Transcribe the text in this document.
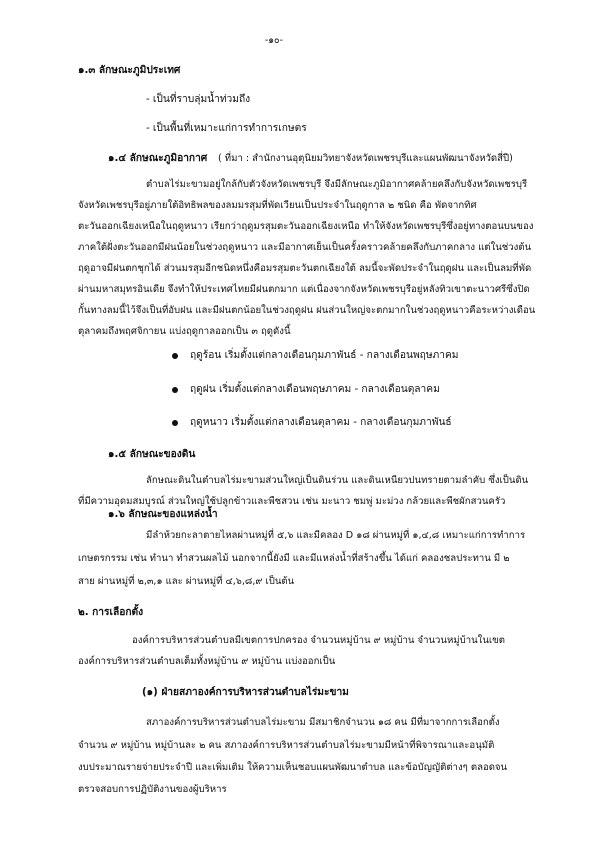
-๑๐-
๑.๓ ลักษณะภูมิประเทศ
- เป็นที่ราบลุ่มน้ำท่วมถึง
- เป็นพื้นที่เหมาะแก่การทำการเกษตร
๑.๔ ลักษณะภูมิอากาศ ( ที่มา : สำนักงานอุตุนิยมวิทยาจังหวัดเพชรบุรีและแผนพัฒนาจังหวัดสี่ปี)
ตำบลไร่มะขามอยู่ใกล้กับตัวจังหวัดเพชรบุรี จึงมีลักษณะภูมิอากาศคล้ายคลึงกับจังหวัดเพชรบุรี
จังหวัดเพชรบุรีอยู่ภายใต้อิทธิพลของลมมรสุมที่พัดเวียนเป็นประจำในฤดูกาล ๒ ชนิด คือ พัดจากทิศ
ตะวันออกเฉียงเหนือในฤดูหนาว เรียกว่าฤดูมรสุมตะวันออกเฉียงเหนือ ทำให้จังหวัดเพชรบุรีซึ่งอยู่ทางตอนบนของ
ภาคใต้ฝั่งตะวันออกมีฝนน้อยในช่วงฤดูหนาว และมีอากาศเย็นเป็นครั้งคราวคล้ายคลึงกับภาคกลาง แต่ในช่วงต้น
ฤดูอาจมีฝนตกชุกได้ ส่วนมรสุมอีกชนิดหนึ่งคือมรสุมตะวันตกเฉียงใต้ ลมนี้จะพัดประจำในฤดูฝน และเป็นลมที่พัด
ผ่านมหาสมุทรอินเดีย จึงทำให้ประเทศไทยมีฝนตกมาก แต่เนื่องจากจังหวัดเพชรบุรีอยู่หลังทิวเขาตะนาวศรีซึ่งปิด
กั้นทางลมนี้ไว้จึงเป็นที่อับฝน และมีฝนตกน้อยในช่วงฤดูฝน ฝนส่วนใหญ่จะตกมากในช่วงฤดูหนาวคือระหว่างเดือน
ตุลาคมถึงพฤศจิกายน แบ่งฤดูกาลออกเป็น ๓ ฤดูดังนี้
ฤดูร้อน เริ่มตั้งแต่กลางเดือนกุมภาพันธ์ - กลางเดือนพฤษภาคม
ฤดูฝน เริ่มตั้งแต่กลางเดือนพฤษภาคม - กลางเดือนตุลาคม
ฤดูหนาว เริ่มตั้งแต่กลางเดือนตุลาคม - กลางเดือนกุมภาพันธ์
๑.๕ ลักษณะของดิน
ลักษณะดินในตำบลไร่มะขามส่วนใหญ่เป็นดินร่วน และดินเหนียวปนทรายตามลำคับ ซึ่งเป็นดิน
ที่มีความอุดมสมบูรณ์ ส่วนใหญ่ใช้ปลูกข้าวและพืชสวน เช่น มะนาว ชมพู่ มะม่วง กล้วยและพืชผักสวนครัว
๑.๖ ลักษณะของแหล่งน้ำ
มีลำห้วยกะลาตายไหลผ่านหมู่ที่ ๕,๖ และมีคลอง D ๑๘ ผ่านหมู่ที่ ๑,๔,๘ เหมาะแก่การทำการ
เกษตรกรรม เช่น ทำนา ทำสวนผลไม้ นอกจากนี้ยังมี และมีแหล่งน้ำที่สร้างขึ้น ได้แก่ คลองชลประทาน มี ๒
สาย ผ่านหมู่ที่ ๒,๓,๑ และ ผ่านหมู่ที่ ๔,๖,๘,๙ เป็นต้น
๒. การเลือกตั้ง
องค์การบริหารส่วนตำบลมีเขตการปกครอง จำนวนหมู่บ้าน ๙ หมู่บ้าน จำนวนหมู่บ้านในเขต
องค์การบริหารส่วนตำบลเต็มทั้งหมู่บ้าน ๙ หมู่บ้าน แบ่งออกเป็น
(๑) ฝ่ายสภาองค์การบริหารส่วนตำบลไร่มะขาม
สภาองค์การบริหารส่วนตำบลไร่มะขาม มีสมาชิกจำนวน ๑๘ คน มีที่มาจากการเลือกตั้ง
จำนวน ๙ หมู่บ้าน หมู่บ้านละ ๒ คน สภาองค์การบริหารส่วนตำบลไร่มะขามมีหน้าที่พิจารณาและอนุมัติ
งบประมาณรายจ่ายประจำปี และเพิ่มเติม ให้ความเห็นชอบแผนพัฒนาตำบล และข้อบัญญัติต่างๆ ตลอดจน
ตรวจสอบการปฏิบัติงานของผู้บริหาร
